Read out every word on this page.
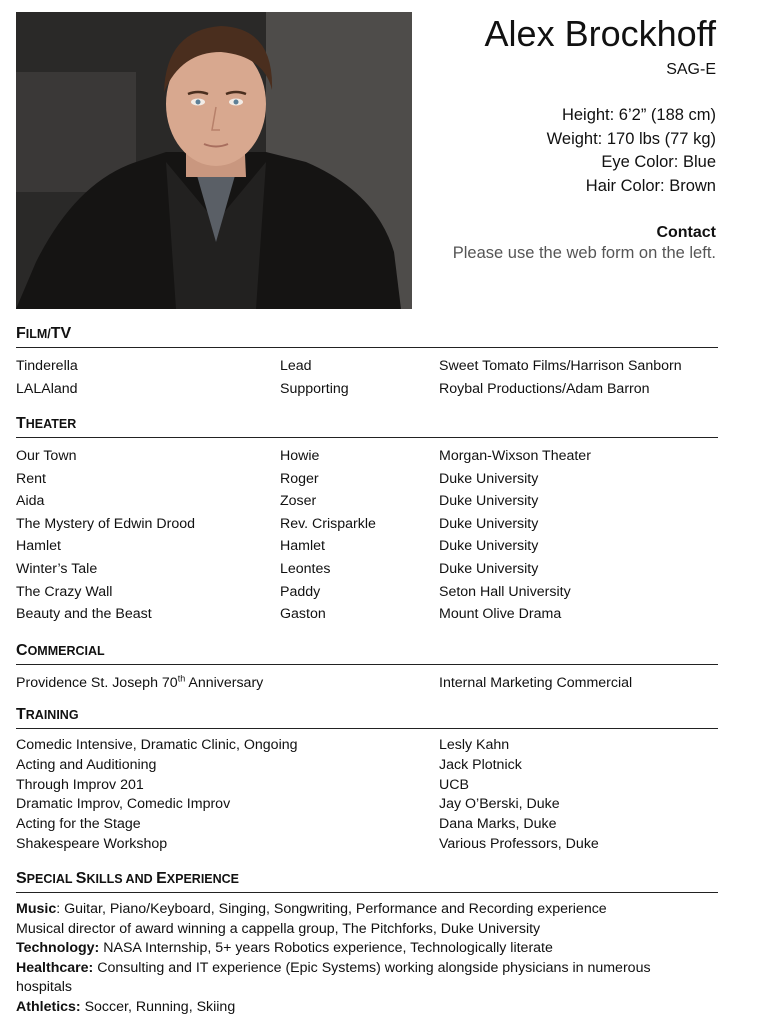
Alex Brockhoff
SAG-E
Height: 6’2” (188 cm)
Weight: 170 lbs (77 kg)
Eye Color: Blue
Hair Color: Brown
Contact
Please use the web form on the left.
FILM/TV
Tinderella	Lead	Sweet Tomato Films/Harrison Sanborn
LALAland	Supporting	Roybal Productions/Adam Barron
THEATER
Our Town	Howie	Morgan-Wixson Theater
Rent	Roger	Duke University
Aida	Zoser	Duke University
The Mystery of Edwin Drood	Rev. Crisparkle	Duke University
Hamlet	Hamlet	Duke University
Winter’s Tale	Leontes	Duke University
The Crazy Wall	Paddy	Seton Hall University
Beauty and the Beast	Gaston	Mount Olive Drama
COMMERCIAL
Providence St. Joseph 70th Anniversary	Internal Marketing Commercial
TRAINING
Comedic Intensive, Dramatic Clinic, Ongoing	Lesly Kahn
Acting and Auditioning	Jack Plotnick
Through Improv 201	UCB
Dramatic Improv, Comedic Improv	Jay O’Berski, Duke
Acting for the Stage	Dana Marks, Duke
Shakespeare Workshop	Various Professors, Duke
SPECIAL SKILLS AND EXPERIENCE
Music: Guitar, Piano/Keyboard, Singing, Songwriting, Performance and Recording experience
Musical director of award winning a cappella group, The Pitchforks, Duke University
Technology: NASA Internship, 5+ years Robotics experience, Technologically literate
Healthcare: Consulting and IT experience (Epic Systems) working alongside physicians in numerous
hospitals
Athletics: Soccer, Running, Skiing
